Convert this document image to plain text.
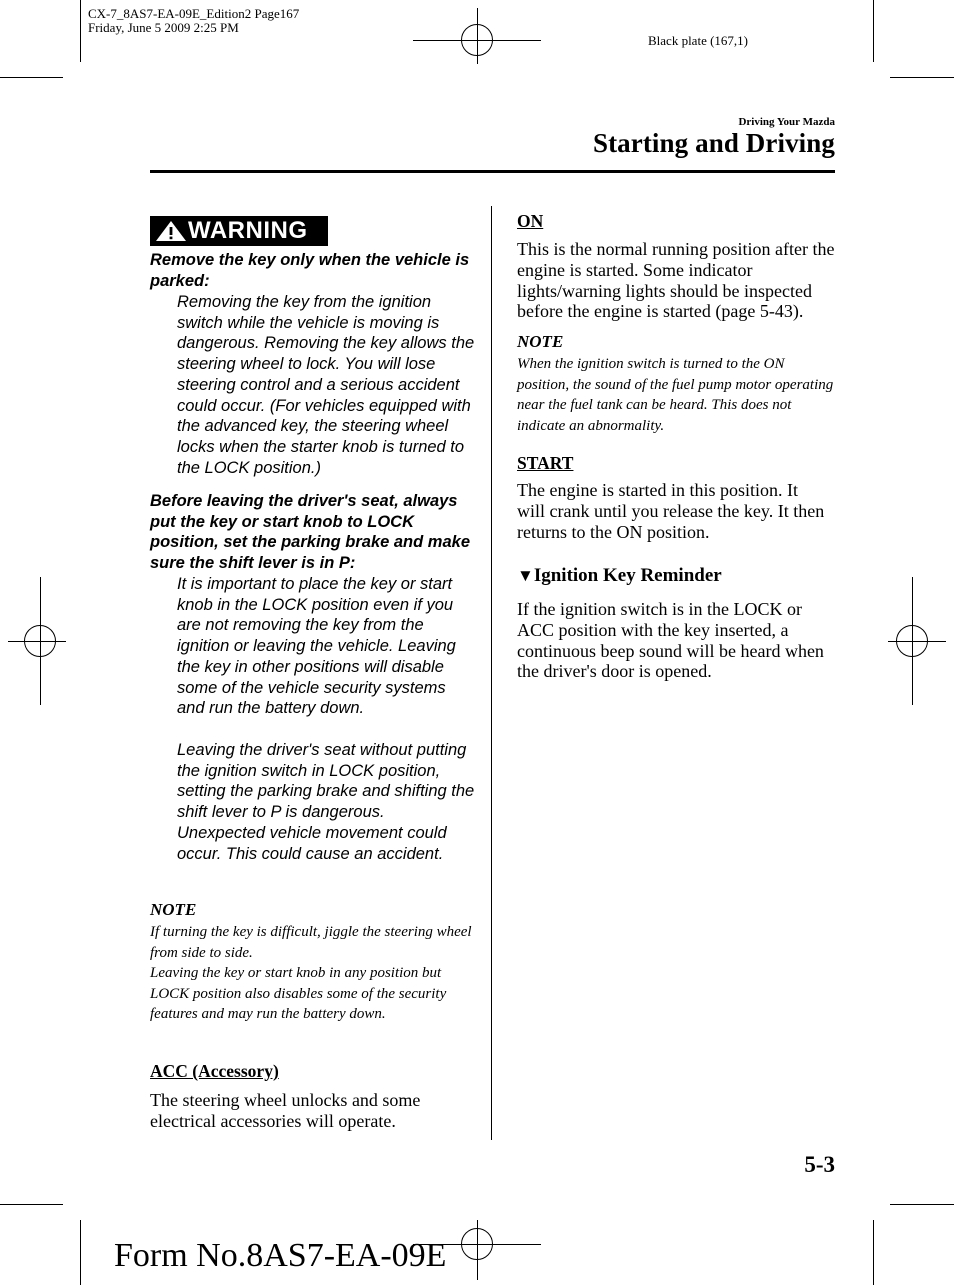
CX-7_8AS7-EA-09E_Edition2 Page167
Friday, June 5 2009 2:25 PM
Black plate (167,1)
Driving Your Mazda
Starting and Driving
WARNING
Remove the key only when the vehicle is parked:
Removing the key from the ignition switch while the vehicle is moving is dangerous. Removing the key allows the steering wheel to lock. You will lose steering control and a serious accident could occur. (For vehicles equipped with the advanced key, the steering wheel locks when the starter knob is turned to the LOCK position.)
Before leaving the driver's seat, always put the key or start knob to LOCK position, set the parking brake and make sure the shift lever is in P:
It is important to place the key or start knob in the LOCK position even if you are not removing the key from the ignition or leaving the vehicle. Leaving the key in other positions will disable some of the vehicle security systems and run the battery down.
Leaving the driver's seat without putting the ignition switch in LOCK position, setting the parking brake and shifting the shift lever to P is dangerous. Unexpected vehicle movement could occur. This could cause an accident.
NOTE
If turning the key is difficult, jiggle the steering wheel from side to side.
Leaving the key or start knob in any position but LOCK position also disables some of the security features and may run the battery down.
ACC (Accessory)
The steering wheel unlocks and some electrical accessories will operate.
ON
This is the normal running position after the engine is started. Some indicator lights/warning lights should be inspected before the engine is started (page 5-43).
NOTE
When the ignition switch is turned to the ON position, the sound of the fuel pump motor operating near the fuel tank can be heard. This does not indicate an abnormality.
START
The engine is started in this position. It will crank until you release the key. It then returns to the ON position.
▼Ignition Key Reminder
If the ignition switch is in the LOCK or ACC position with the key inserted, a continuous beep sound will be heard when the driver's door is opened.
5-3
Form No.8AS7-EA-09E
